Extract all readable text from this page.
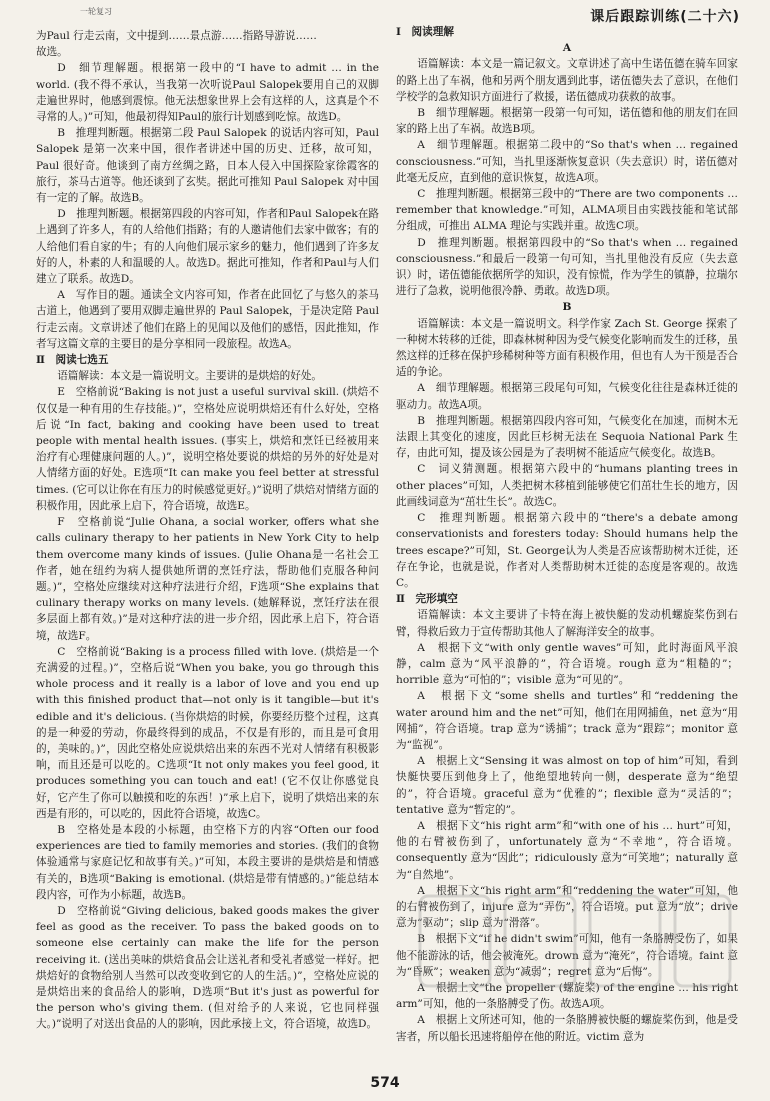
一轮复习	课后跟踪训练(二十六)

为Paul 行走云南，文中提到……景点游……指路导游说……

故选。

D　细节理解题。根据第一段中的“I have to admit … in the world. (我不得不承认，当我第一次听说Paul Salopek要用自己的双脚走遍世界时，他感到震惊。他无法想象世界上会有这样的人，这真是个不寻常的人。)”可知，他最初得知Paul的旅行计划感到吃惊。故选D。

B　推理判断题。根据第二段 Paul Salopek 的说话内容可知，Paul Salopek 是第一次来中国，很作者讲述中国的历史、迁移，故可知，Paul 很好奇。他谈到了南方丝绸之路，日本人侵入中国探险家徐霞客的旅行，茶马古道等。他还谈到了玄奘。据此可推知 Paul Salopek 对中国有一定的了解。故选B。

D　推理判断题。根据第四段的内容可知，作者和Paul Salopek在路上遇到了许多人，有的人给他们指路；有的人邀请他们去家中做客；有的人给他们看自家的牛；有的人向他们展示家乡的魅力，他们遇到了许多友好的人，朴素的人和温暖的人。故选D。据此可推知，作者和Paul与人们建立了联系。故选D。

A　写作目的题。通读全文内容可知，作者在此回忆了与悠久的茶马古道上，他遇到了要用双脚走遍世界的 Paul Salopek，于是决定陪 Paul 行走云南。文章讲述了他们在路上的见闻以及他们的感悟，因此推知，作者写这篇文章的主要目的是分享相同一段旅程。故选A。

Ⅱ　阅读七选五

语篇解读：本文是一篇说明文。主要讲的是烘焙的好处。

E　空格前说“Baking is not just a useful survival skill. (烘焙不仅仅是一种有用的生存技能。)”，空格处应说明烘焙还有什么好处，空格后说“In fact, baking and cooking have been used to treat people with mental health issues. (事实上，烘焙和烹饪已经被用来治疗有心理健康问题的人。)”，说明空格处要说的烘焙的另外的好处是对人情绪方面的好处。E选项“It can make you feel better at stressful times. (它可以让你在有压力的时候感觉更好。)”说明了烘焙对情绪方面的积极作用，因此承上启下，符合语境，故选E。

F　空格前说“Julie Ohana, a social worker, offers what she calls culinary therapy to her patients in New York City to help them overcome many kinds of issues. (Julie Ohana是一名社会工作者，她在纽约为病人提供她所谓的烹饪疗法，帮助他们克服各种问题。)”，空格处应继续对这种疗法进行介绍，F选项“She explains that culinary therapy works on many levels. (她解释说，烹饪疗法在很多层面上都有效。)”是对这种疗法的进一步介绍，因此承上启下，符合语境，故选F。

C　空格前说“Baking is a process filled with love. (烘焙是一个充满爱的过程。)”，空格后说“When you bake, you go through this whole process and it really is a labor of love and you end up with this finished product that—not only is it tangible—but it's edible and it's delicious. (当你烘焙的时候，你要经历整个过程，这真的是一种爱的劳动，你最终得到的成品，不仅是有形的，而且是可食用的，美味的。)”，因此空格处应说烘焙出来的东西不光对人情绪有积极影响，而且还是可以吃的。C选项“It not only makes you feel good, it produces something you can touch and eat! (它不仅让你感觉良好，它产生了你可以触摸和吃的东西！)”承上启下，说明了烘焙出来的东西是有形的，可以吃的，因此符合语境，故选C。

B　空格处是本段的小标题，由空格下方的内容“Often our food experiences are tied to family memories and stories. (我们的食物体验通常与家庭记忆和故事有关。)”可知，本段主要讲的是烘焙是和情感有关的，B选项“Baking is emotional. (烘焙是带有情感的。)”能总结本段内容，可作为小标题，故选B。

D　空格前说“Giving delicious, baked goods makes the giver feel as good as the receiver. To pass the baked goods on to someone else certainly can make the life for the person receiving it. (送出美味的烘焙食品会让送礼者和受礼者感觉一样好。把烘焙好的食物给别人当然可以改变收到它的人的生活。)”，空格处应说的是烘焙出来的食品给人的影响，D选项“But it's just as powerful for the person who's giving them. (但对给予的人来说，它也同样强大。)”说明了对送出食品的人的影响，因此承接上文，符合语境，故选D。

Ⅰ　阅读理解

A

语篇解读：本文是一篇记叙文。文章讲述了高中生诺伍德在骑车回家的路上出了车祸，他和另两个朋友遇到此事，诺伍德失去了意识，在他们学校学的急救知识方面进行了救援，诺伍德成功获救的故事。

B　细节理解题。根据第一段第一句可知，诺伍德和他的朋友们在回家的路上出了车祸。故选B项。

A　细节理解题。根据第二段中的“So that's when … regained consciousness.”可知，当扎里逐渐恢复意识（失去意识）时，诺伍德对此毫无反应，直到他的意识恢复，故选A项。

C　推理判断题。根据第三段中的“There are two components … remember that knowledge.”可知，ALMA项目由实践技能和笔试部分组成，可推出 ALMA 理论与实践并重。故选C项。

D　推理判断题。根据第四段中的“So that's when … regained consciousness.”和最后一段第一句可知，当扎里他没有反应（失去意识）时，诺伍德能依据所学的知识，没有惊慌，作为学生的镇静，拉瑞尔进行了急救，说明他很冷静、勇敢。故选D项。

B

语篇解读：本文是一篇说明文。科学作家 Zach St. George 探索了一种树木转移的迁徙，即森林树种因为受气候变化影响而发生的迁移，虽然这样的迁移在保护珍稀树种等方面有积极作用，但也有人为干预是否合适的争论。

A　细节理解题。根据第三段尾句可知，气候变化往往是森林迁徙的驱动力。故选A项。

B　推理判断题。根据第四段内容可知，气候变化在加速，而树木无法跟上其变化的速度，因此巨杉树无法在 Sequoia National Park 生存，由此可知，提及该公园是为了表明树不能适应气候变化。故选B。

C　词义猜测题。根据第六段中的“humans planting trees in other places”可知，人类把树木移植到能够使它们茁壮生长的地方，因此画线词意为“茁壮生长”。故选C。

C　推理判断题。根据第六段中的“there's a debate among conservationists and foresters today: Should humans help the trees escape?”可知，St. George认为人类是否应该帮助树木迁徙，还存在争论，也就是说，作者对人类帮助树木迁徙的态度是客观的。故选C。

Ⅱ　完形填空

语篇解读：本文主要讲了卡特在海上被快艇的发动机螺旋桨伤到右臂，得救后致力于宣传帮助其他人了解海洋安全的故事。

A　根据下文“with only gentle waves”可知，此时海面风平浪静，calm 意为“风平浪静的”，符合语境。rough 意为“粗糙的”；horrible 意为“可怕的”；visible 意为“可见的”。

A　根据下文“some shells and turtles”和“reddening the water around him and the net”可知，他们在用网捕鱼，net 意为“用网捕”，符合语境。trap 意为“诱捕”；track 意为“跟踪”；monitor 意为“监视”。

A　根据上文“Sensing it was almost on top of him”可知，看到快艇快要压到他身上了，他绝望地转向一侧，desperate 意为“绝望的”，符合语境。graceful 意为“优雅的”；flexible 意为“灵活的”；tentative 意为“暂定的”。

A　根据下文“his right arm”和“with one of his … hurt”可知，他的右臂被伤到了，unfortunately 意为“不幸地”，符合语境。consequently 意为“因此”；ridiculously 意为“可笑地”；naturally 意为“自然地”。

A　根据下文“his right arm”和“reddening the water”可知，他的右臂被伤到了，injure 意为“弄伤”，符合语境。put 意为“放”；drive 意为“驱动”；slip 意为“滑落”。

B　根据下文“if he didn't swim”可知，他有一条胳膊受伤了，如果他不能游泳的话，他会被淹死。drown 意为“淹死”，符合语境。faint 意为“昏厥”；weaken 意为“减弱”；regret 意为“后悔”。

A　根据上文“the propeller (螺旋桨) of the engine … his right arm”可知，他的一条胳膊受了伤。故选A项。

A　根据上文所述可知，他的一条胳膊被快艇的螺旋桨伤到，他是受害者，所以船长迅速将船停在他的附近。victim 意为

574
